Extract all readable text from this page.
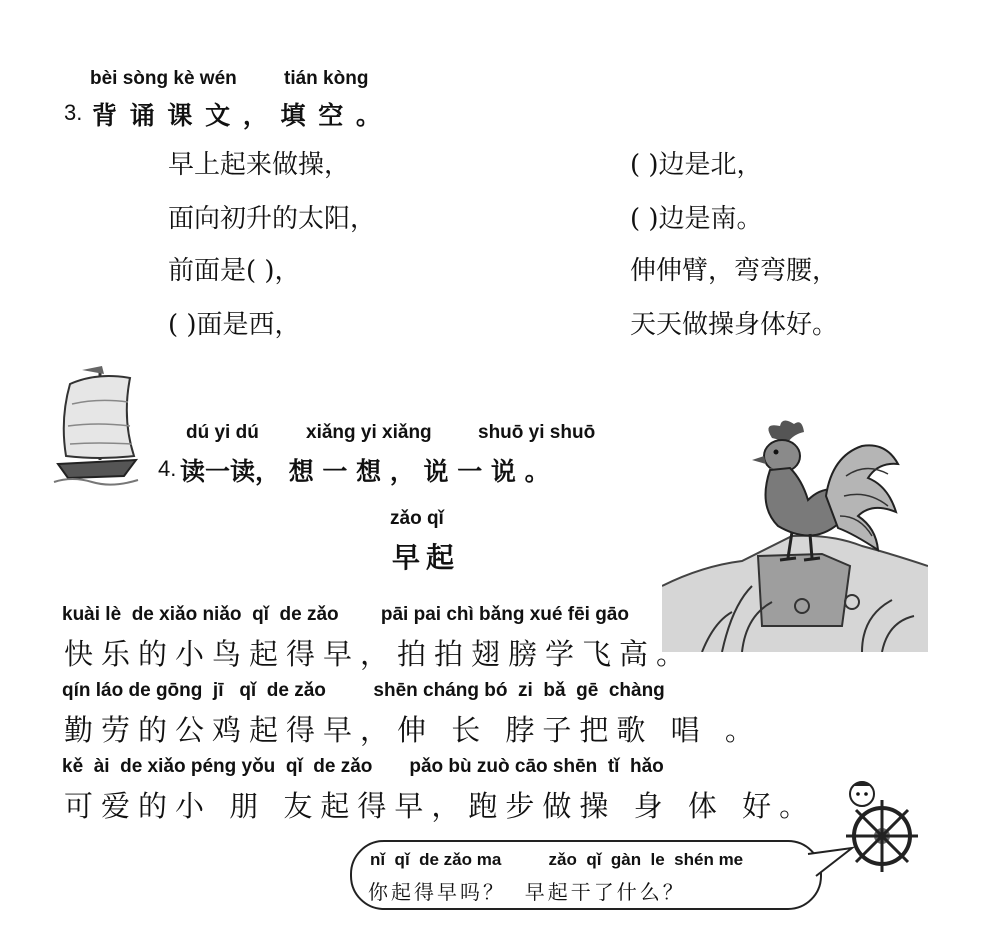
bèi sòng kè wén tián kòng
3. 背 诵 课 文 ， 填 空 。
早上起来做操，
面向初升的太阳，
前面是( )，
( )面是西，
( )边是北，
( )边是南。
伸伸臂，弯弯腰，
天天做操身体好。
dú yi dú xiǎng yi xiǎng shuō yi shuō
4. 读一读， 想 一 想 ， 说 一 说 。
zǎo qǐ
早起
kuài lè  de xiǎo niǎo  qǐ  de zǎo        pāi pai chì bǎng xué fēi gāo
快乐的小鸟起得早，拍拍翅膀学飞高。
qín láo de gōng  jī   qǐ  de zǎo         shēn cháng bó  zi  bǎ  gē  chàng
勤劳的公鸡起得早，伸 长 脖子把歌 唱 。
kě  ài  de xiǎo péng yǒu  qǐ  de zǎo       pǎo bù zuò cāo shēn  tǐ  hǎo
可爱的小 朋 友起得早，跑步做操 身 体 好。
nǐ  qǐ  de zǎo ma          zǎo  qǐ  gàn  le  shén me
你起得早吗？  早起干了什么？
